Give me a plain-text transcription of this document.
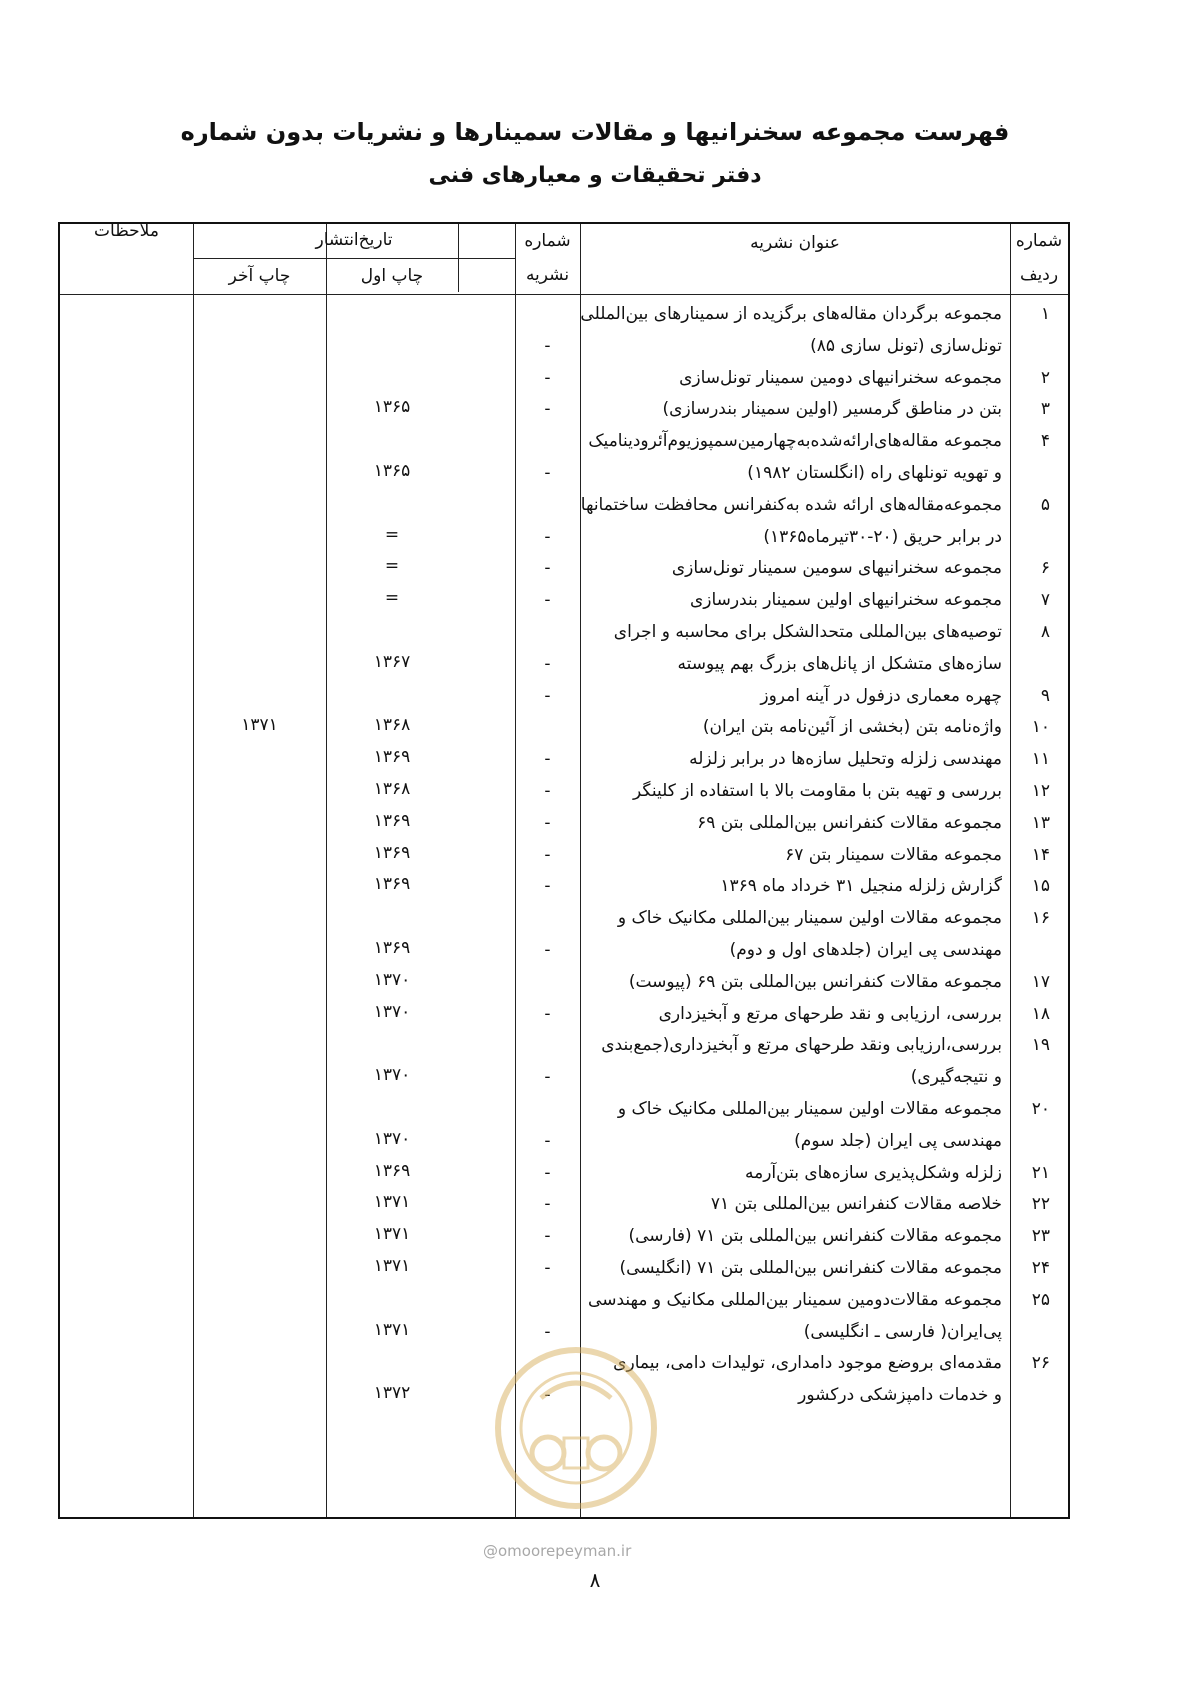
فهرست مجموعه سخنرانیها و مقالات سمینارها و نشریات بدون شماره
دفتر تحقیقات و معیارهای فنی
شماره
ردیف
عنوان نشریه
شماره
نشریه
تاریخ‌انتشار
چاپ اول
چاپ آخر
ملاحظات
۱
مجموعه برگردان مقاله‌های برگزیده از سمینارهای بین‌المللی
تونل‌سازی (تونل سازی ۸۵)
-
۲
مجموعه سخنرانیهای دومین سمینار تونل‌سازی
-
۳
بتن در مناطق گرمسیر (اولین سمینار بندرسازی)
-
۱۳۶۵
۴
مجموعه مقاله‌های‌ارائه‌شده‌به‌چهارمین‌سمپوزیوم‌آئرودینامیک
و تهویه تونلهای راه (انگلستان ۱۹۸۲)
-
۱۳۶۵
۵
مجموعه‌مقاله‌های ارائه شده به‌کنفرانس محافظت ساختمانها
در برابر حریق (۲۰-۳۰تیرماه۱۳۶۵)
-
=
۶
مجموعه سخنرانیهای سومین سمینار تونل‌سازی
-
=
۷
مجموعه سخنرانیهای اولین سمینار بندرسازی
-
=
۸
توصیه‌های بین‌المللی متحدالشکل برای محاسبه و اجرای
سازه‌های متشکل از پانل‌های بزرگ بهم پیوسته
-
۱۳۶۷
۹
چهره معماری دزفول در آینه امروز
-
۱۰
واژه‌نامه بتن (بخشی از آئین‌نامه بتن ایران)
۱۳۶۸
۱۳۷۱
۱۱
مهندسی زلزله وتحلیل سازه‌ها در برابر زلزله
-
۱۳۶۹
۱۲
بررسی و تهیه بتن با مقاومت بالا با استفاده از کلینگر
-
۱۳۶۸
۱۳
مجموعه مقالات کنفرانس بین‌المللی بتن ۶۹
-
۱۳۶۹
۱۴
مجموعه مقالات سمینار بتن ۶۷
-
۱۳۶۹
۱۵
گزارش زلزله منجیل ۳۱ خرداد ماه ۱۳۶۹
-
۱۳۶۹
۱۶
مجموعه مقالات اولین سمینار بین‌المللی مکانیک خاک و
مهندسی پی ایران (جلدهای اول و دوم)
-
۱۳۶۹
۱۷
مجموعه مقالات کنفرانس بین‌المللی بتن ۶۹ (پیوست)
۱۳۷۰
۱۸
بررسی، ارزیابی و نقد طرحهای مرتع و آبخیزداری
-
۱۳۷۰
۱۹
بررسی،ارزیابی ونقد طرحهای مرتع و آبخیزداری(جمع‌بندی
و نتیجه‌گیری)
-
۱۳۷۰
۲۰
مجموعه مقالات اولین سمینار بین‌المللی مکانیک خاک و
مهندسی پی ایران (جلد سوم)
-
۱۳۷۰
۲۱
زلزله وشکل‌پذیری سازه‌های بتن‌آرمه
-
۱۳۶۹
۲۲
خلاصه مقالات کنفرانس بین‌المللی بتن ۷۱
-
۱۳۷۱
۲۳
مجموعه مقالات کنفرانس بین‌المللی بتن ۷۱ (فارسی)
-
۱۳۷۱
۲۴
مجموعه مقالات کنفرانس بین‌المللی بتن ۷۱ (انگلیسی)
-
۱۳۷۱
۲۵
مجموعه مقالات‌دومین سمینار بین‌المللی مکانیک و مهندسی
پی‌ایران( فارسی ـ انگلیسی)
-
۱۳۷۱
۲۶
مقدمه‌ای بروضع موجود دامداری، تولیدات دامی، بیماری
و خدمات دامپزشکی درکشور
-
۱۳۷۲
@omoorepeyman.ir
۸
